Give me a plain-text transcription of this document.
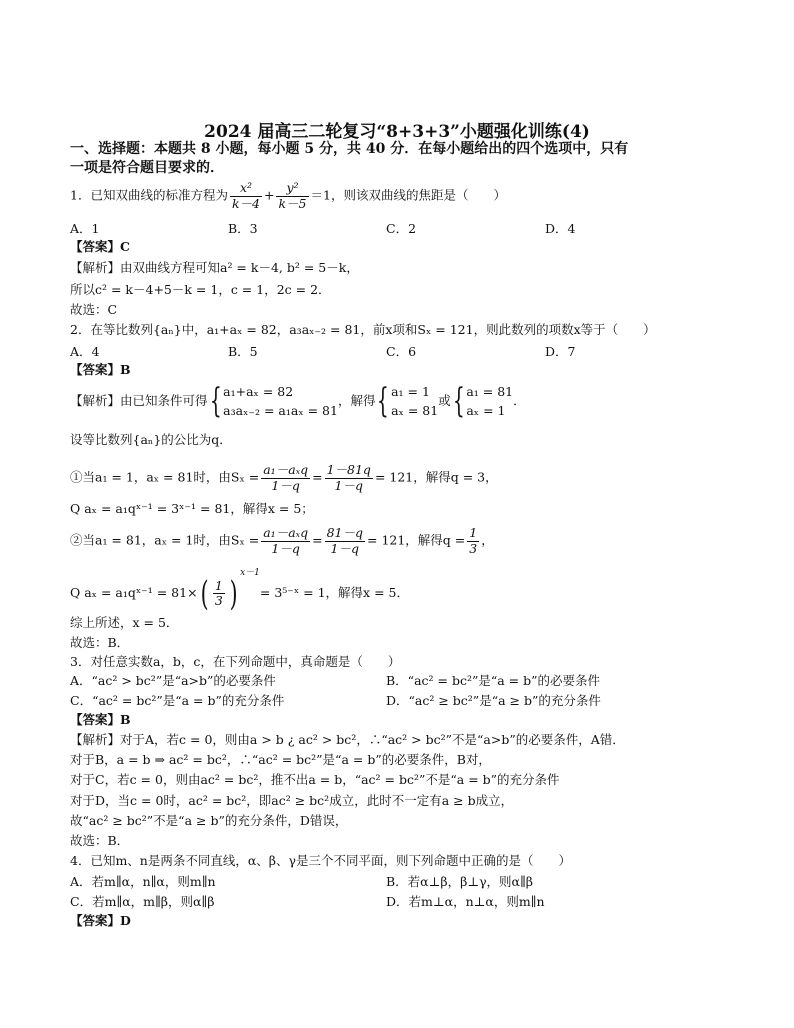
2024 届高三二轮复习“8+3+3”小题强化训练(4)
一、选择题：本题共 8 小题，每小题 5 分，共 40 分．在每小题给出的四个选项中，只有
一项是符合题目要求的．
1．已知双曲线的标准方程为 $\frac{\text{x²}}{k-4} + \frac{\text{y²}}{k-5} =1$，则该双曲线的焦距是（　　）
A．1	B．3	C．2	D．4
【答案】C
【解析】由双曲线方程可知a² = k－4, b² = 5－k，
所以c² = k－4+5－k = 1，c = 1，2c = 2．
故选：C
2．在等比数列{aₙ}中，a₁+aₓ = 82，a₃aₓ₋₂ = 81，前x项和Sₓ = 121，则此数列的项数x等于（　　）
A．4	B．5	C．6	D．7
【答案】B
【解析】由已知条件可得{ a₁+aₓ = 82
a₃aₓ₋₂ = a₁aₓ = 81
，解得{ a₁ = 1
aₓ = 81
或{ a₁ = 81
aₓ = 1
．
设等比数列{aₙ}的公比为q．
①当a₁ = 1，aₓ = 81时，由$S_x = \frac{\text{a₁－aₓq}}{1-q} = \frac{1-81q}{1-q} = 121$，解得q = 3，
Q aₓ = a₁qˣ⁻¹ = 3ˣ⁻¹ = 81，解得x = 5；
②当a₁ = 81，aₓ = 1时，由$S_x = \frac{\text{a₁－aₓq}}{1-q} = \frac{81-q}{1-q} = 121$，解得$q = \frac{1}{3}$ ，
Q aₓ = a₁qˣ⁻¹ = $81\times( \frac{1}{3} )^{x-1}=$ 3⁵⁻ˣ = 1，解得x = 5．
综上所述，x = 5．
故选：B．
3．对任意实数a，b，c，在下列命题中，真命题是（　　）
A．“ac² > bc²”是“a>b”的必要条件	B．“ac² = bc²”是“a = b”的必要条件
C．“ac² = bc²”是“a = b”的充分条件	D．“ac² ≥ bc²”是“a ≥ b”的充分条件
【答案】B
【解析】对于A，若c = 0，则由a > b ¿ ac² > bc²，∴“ac² > bc²”不是“a>b”的必要条件，A错．
对于B，a = b ⇒ ac² = bc²，∴“ac² = bc²”是“a = b”的必要条件，B对，
对于C，若c = 0，则由ac² = bc²，推不出a = b，“ac² = bc²”不是“a = b”的充分条件
对于D，当c = 0时，ac² = bc²，即ac² ≥ bc²成立，此时不一定有a ≥ b成立，
故“ac² ≥ bc²”不是“a ≥ b”的充分条件，D错误，
故选：B．
4．已知m、n是两条不同直线，α、β、γ是三个不同平面，则下列命题中正确的是（　　）
A．若m∥α，n∥α，则m∥n	B．若α⊥β，β⊥γ，则α∥β
C．若m∥α，m∥β，则α∥β	D．若m⊥α，n⊥α，则m∥n
【答案】D
